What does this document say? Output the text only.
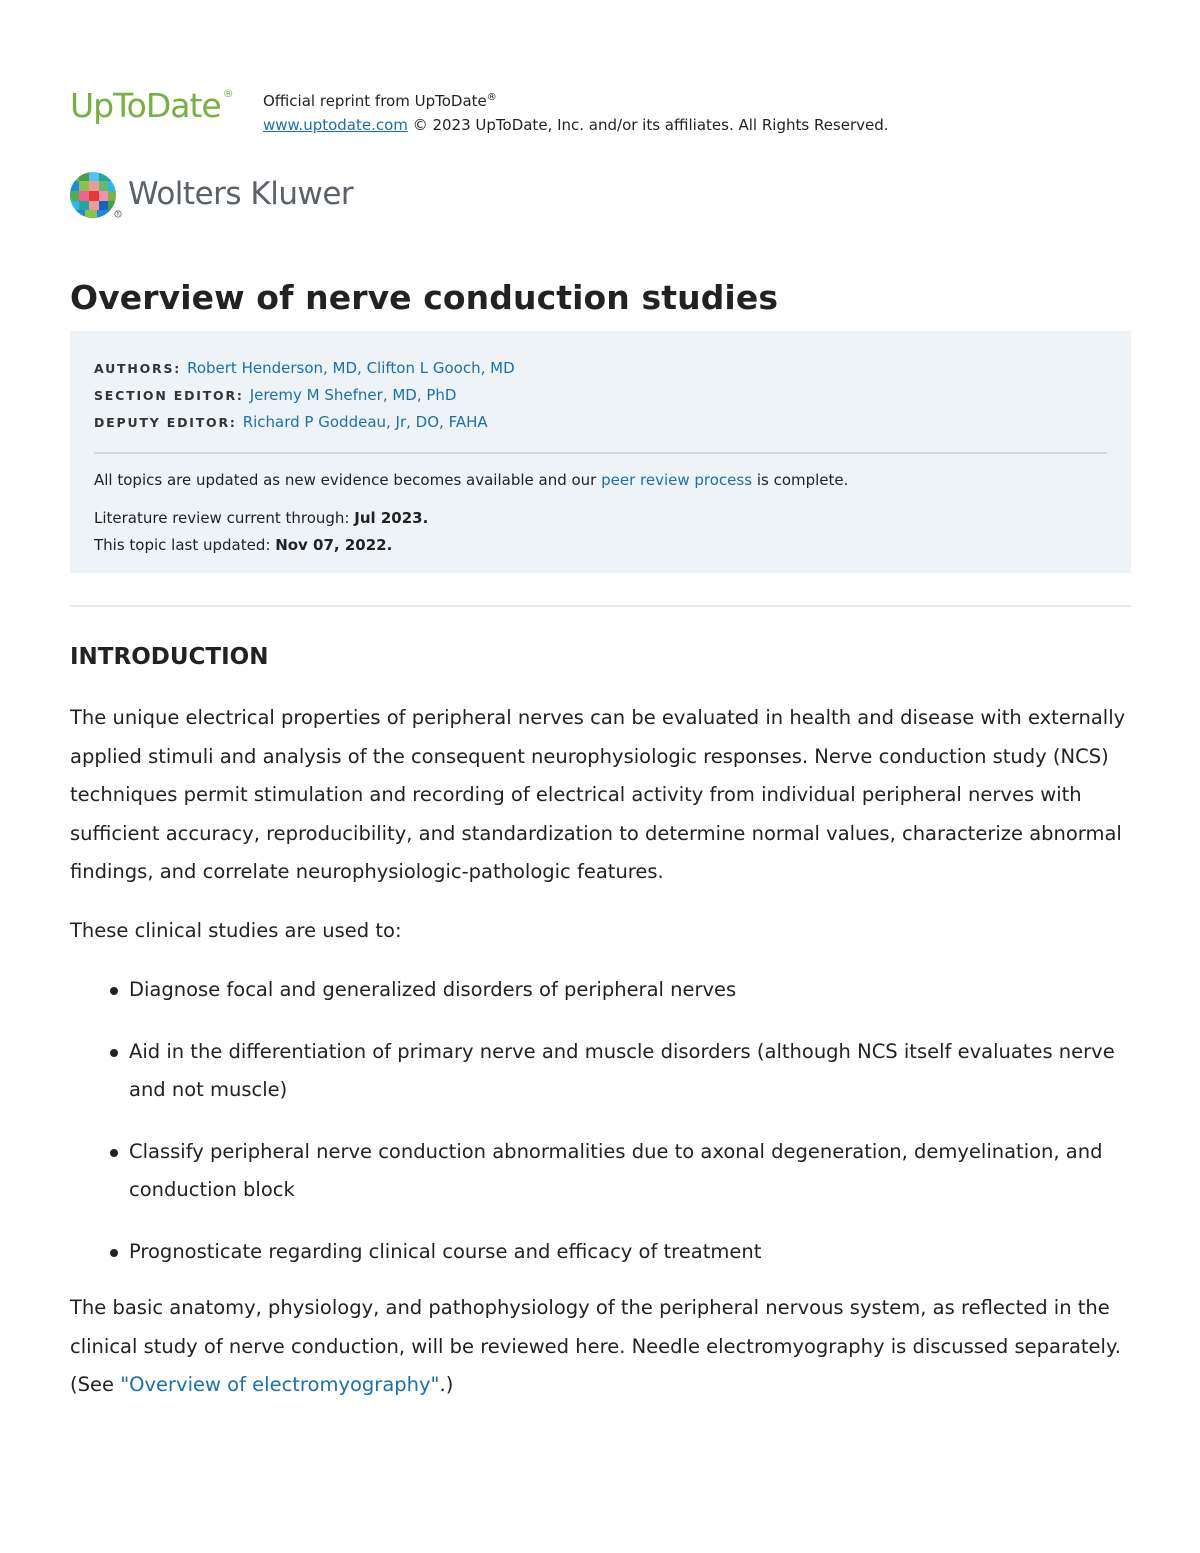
UpToDate ® Official reprint from UpToDate®
www.uptodate.com © 2023 UpToDate, Inc. and/or its affiliates. All Rights Reserved.
R
Wolters Kluwer
Overview of nerve conduction studies
AUTHORS: Robert Henderson, MD, Clifton L Gooch, MD
SECTION EDITOR: Jeremy M Shefner, MD, PhD
DEPUTY EDITOR: Richard P Goddeau, Jr, DO, FAHA
All topics are updated as new evidence becomes available and our peer review process is complete.
Literature review current through: Jul 2023.
This topic last updated: Nov 07, 2022.
INTRODUCTION

The unique electrical properties of peripheral nerves can be evaluated in health and disease with externally applied stimuli and analysis of the consequent neurophysiologic responses. Nerve conduction study (NCS) techniques permit stimulation and recording of electrical activity from individual peripheral nerves with sufficient accuracy, reproducibility, and standardization to determine normal values, characterize abnormal findings, and correlate neurophysiologic-pathologic features.

These clinical studies are used to:

Diagnose focal and generalized disorders of peripheral nerves
Aid in the differentiation of primary nerve and muscle disorders (although NCS itself evaluates nerve and not muscle)
Classify peripheral nerve conduction abnormalities due to axonal degeneration, demyelination, and conduction block
Prognosticate regarding clinical course and efficacy of treatment

The basic anatomy, physiology, and pathophysiology of the peripheral nervous system, as reflected in the clinical study of nerve conduction, will be reviewed here. Needle electromyography is discussed separately. (See "Overview of electromyography".)
